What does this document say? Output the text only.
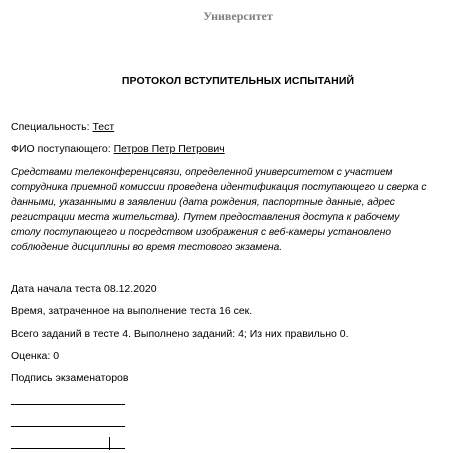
Университет
ПРОТОКОЛ ВСТУПИТЕЛЬНЫХ ИСПЫТАНИЙ
Специальность: Тест
ФИО поступающего: Петров Петр Петрович
Средствами телеконференцсвязи, определенной университетом с участием сотрудника приемной комиссии проведена идентификация поступающего и сверка с данными, указанными в заявлении (дата рождения, паспортные данные, адрес регистрации места жительства). Путем предоставления доступа к рабочему столу поступающего и посредством изображения с веб-камеры установлено соблюдение дисциплины во время тестового экзамена.
Дата начала теста 08.12.2020
Время, затраченное на выполнение теста 16 сек.
Всего заданий в тесте 4. Выполнено заданий: 4; Из них правильно 0.
Оценка: 0
Подпись экзаменаторов
